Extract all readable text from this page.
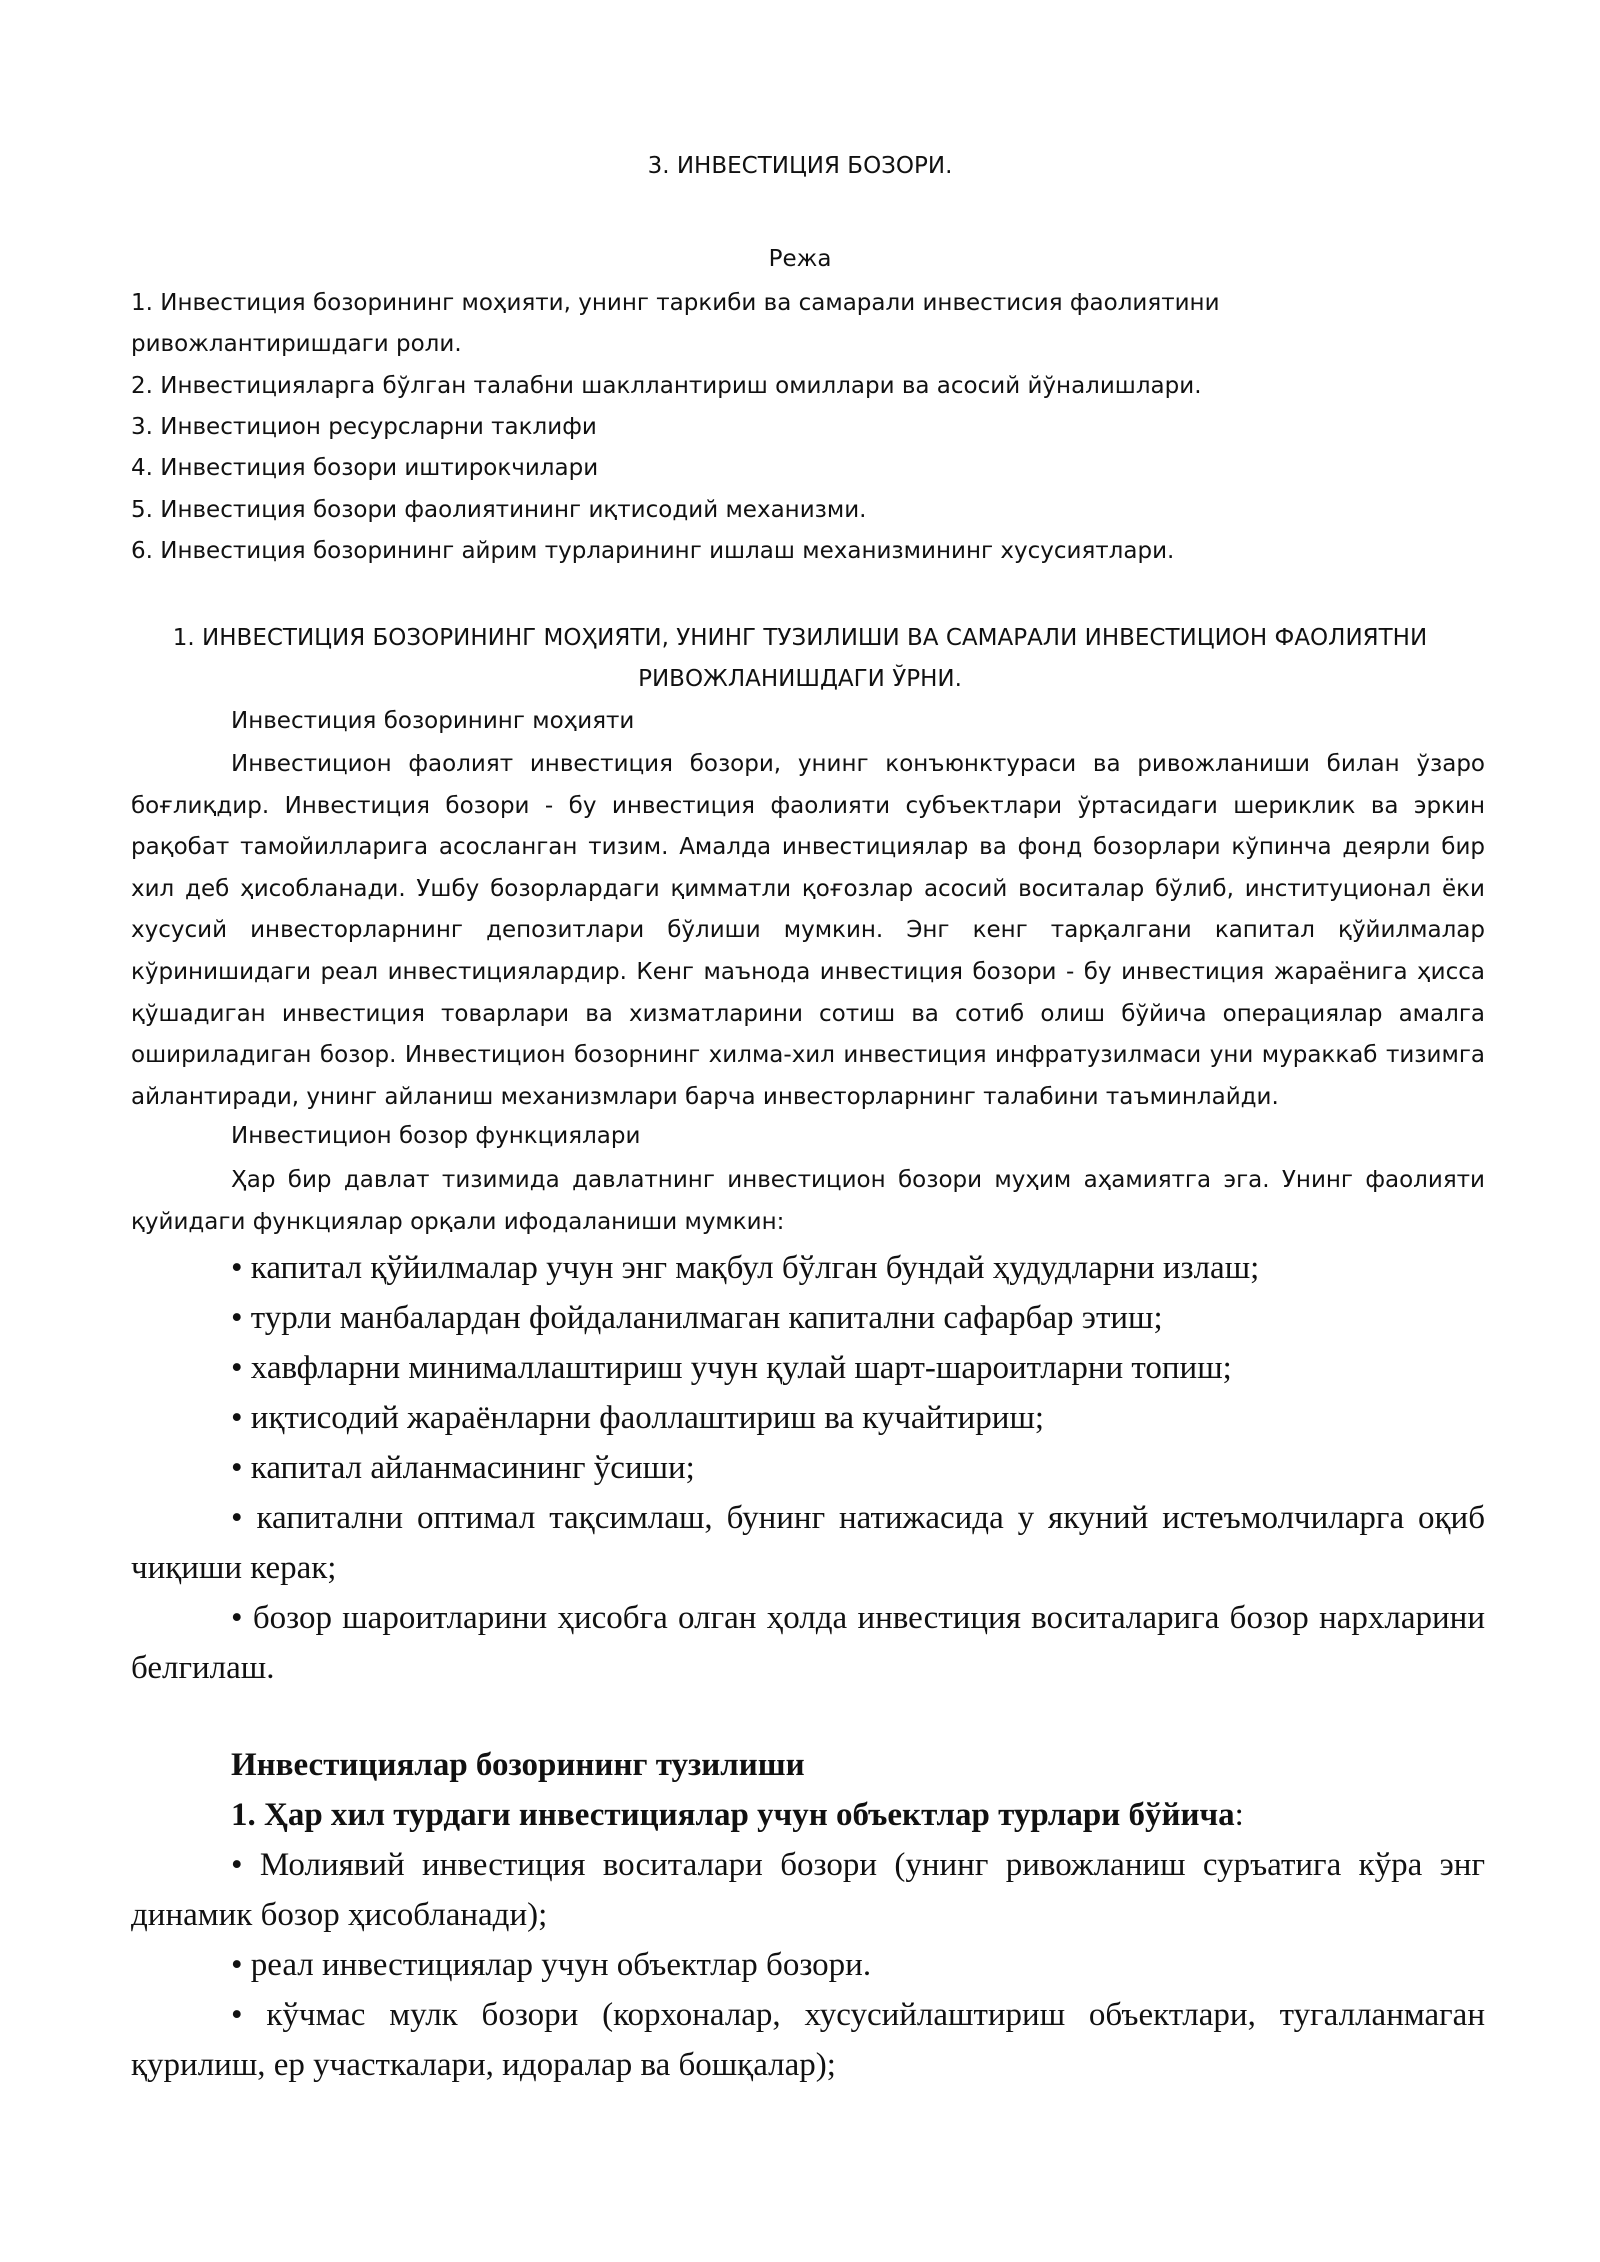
3. ИНВЕСТИЦИЯ БОЗОРИ.
Режа
1. Инвестиция бозорининг моҳияти, унинг таркиби ва самарали инвестисия фаолиятини
ривожлантиришдаги роли.
2. Инвестицияларга бўлган талабни шакллантириш омиллари ва асосий йўналишлари.
3. Инвестицион ресурсларни таклифи
4. Инвестиция бозори иштирокчилари
5. Инвестиция бозори фаолиятининг иқтисодий механизми.
6. Инвестиция бозорининг айрим турларининг ишлаш механизмининг хусусиятлари.
1. ИНВЕСТИЦИЯ БОЗОРИНИНГ МОҲИЯТИ, УНИНГ ТУЗИЛИШИ ВА САМАРАЛИ ИНВЕСТИЦИОН ФАОЛИЯТНИ
РИВОЖЛАНИШДАГИ ЎРНИ.
Инвестиция бозорининг моҳияти

Инвестицион фаолият инвестиция бозори, унинг конъюнктураси ва ривожланиши билан ўзаро боғлиқдир. Инвестиция бозори - бу инвестиция фаолияти субъектлари ўртасидаги шериклик ва эркин рақобат тамойилларига асосланган тизим. Амалда инвестициялар ва фонд бозорлари кўпинча деярли бир хил деб ҳисобланади. Ушбу бозорлардаги қимматли қоғозлар асосий воситалар бўлиб, институционал ёки хусусий инвесторларнинг депозитлари бўлиши мумкин. Энг кенг тарқалгани капитал қўйилмалар кўринишидаги реал инвестициялардир. Кенг маънода инвестиция бозори - бу инвестиция жараёнига ҳисса қўшадиган инвестиция товарлари ва хизматларини сотиш ва сотиб олиш бўйича операциялар амалга ошириладиган бозор. Инвестицион бозорнинг хилма-хил инвестиция инфратузилмаси уни мураккаб тизимга айлантиради, унинг айланиш механизмлари барча инвесторларнинг талабини таъминлайди.

Инвестицион бозор функциялари

Ҳар бир давлат тизимида давлатнинг инвестицион бозори муҳим аҳамиятга эга. Унинг фаолияти қуйидаги функциялар орқали ифодаланиши мумкин:

• капитал қўйилмалар учун энг мақбул бўлган бундай ҳудудларни излаш;

• турли манбалардан фойдаланилмаган капитални сафарбар этиш;

• хавфларни минималлаштириш учун қулай шарт-шароитларни топиш;

• иқтисодий жараёнларни фаоллаштириш ва кучайтириш;

• капитал айланмасининг ўсиши;

• капитални оптимал тақсимлаш, бунинг натижасида у якуний истеъмолчиларга оқиб чиқиши керак;

• бозор шароитларини ҳисобга олган ҳолда инвестиция воситаларига бозор нархларини белгилаш.

Инвестициялар бозорининг тузилиши
1. Ҳар хил турдаги инвестициялар учун объектлар турлари бўйича:

• Молиявий инвестиция воситалари бозори (унинг ривожланиш суръатига кўра энг динамик бозор ҳисобланади);

• реал инвестициялар учун объектлар бозори.

• кўчмас мулк бозори (корхоналар, хусусийлаштириш объектлари, тугалланмаган қурилиш, ер участкалари, идоралар ва бошқалар);
